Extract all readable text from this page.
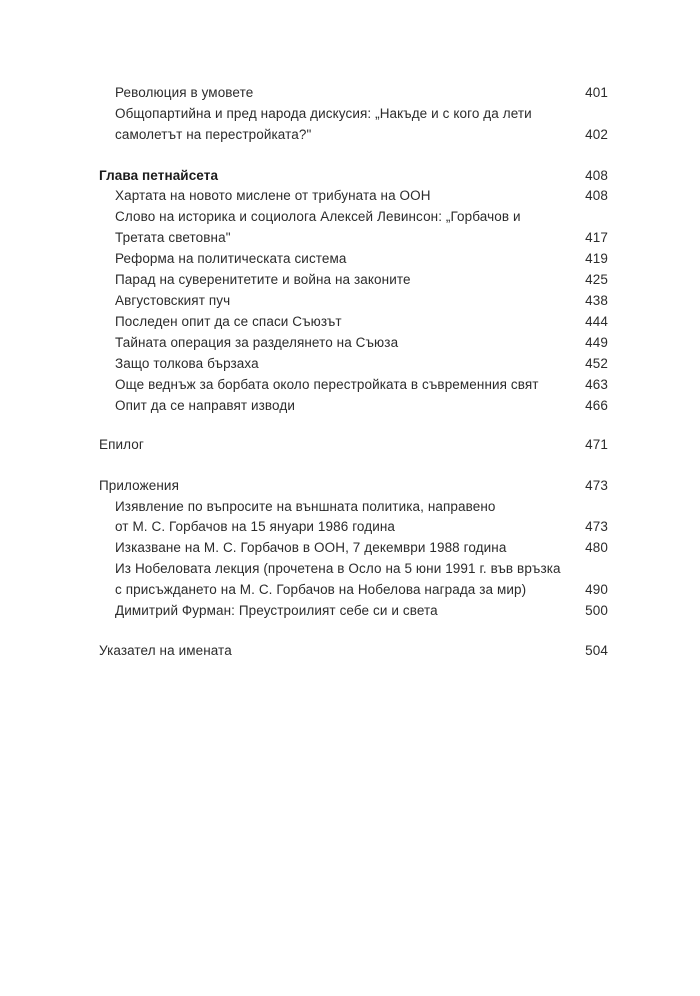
Революция в умовете	401
Общопартийна и пред народа дискусия: „Накъде и с кого да лети
самолетът на перестройката?"	402
Глава петнайсета	408
Хартата на новото мислене от трибуната на ООН	408
Слово на историка и социолога Алексей Левинсон: „Горбачов и
Третата световна"	417
Реформа на политическата система	419
Парад на суверенитетите и война на законите	425
Августовският пуч	438
Последен опит да се спаси Съюзът	444
Тайната операция за разделянето на Съюза	449
Защо толкова бързаха	452
Още веднъж за борбата около перестройката в съвременния свят	463
Опит да се направят изводи	466
Епилог	471
Приложения	473
Изявление по въпросите на външната политика, направено
от М. С. Горбачов на 15 януари 1986 година	473
Изказване на М. С. Горбачов в ООН, 7 декември 1988 година	480
Из Нобеловата лекция (прочетена в Осло на 5 юни 1991 г. във връзка
с присъждането на М. С. Горбачов на Нобелова награда за мир)	490
Димитрий Фурман: Преустроилият себе си и света	500
Указател на имената	504
